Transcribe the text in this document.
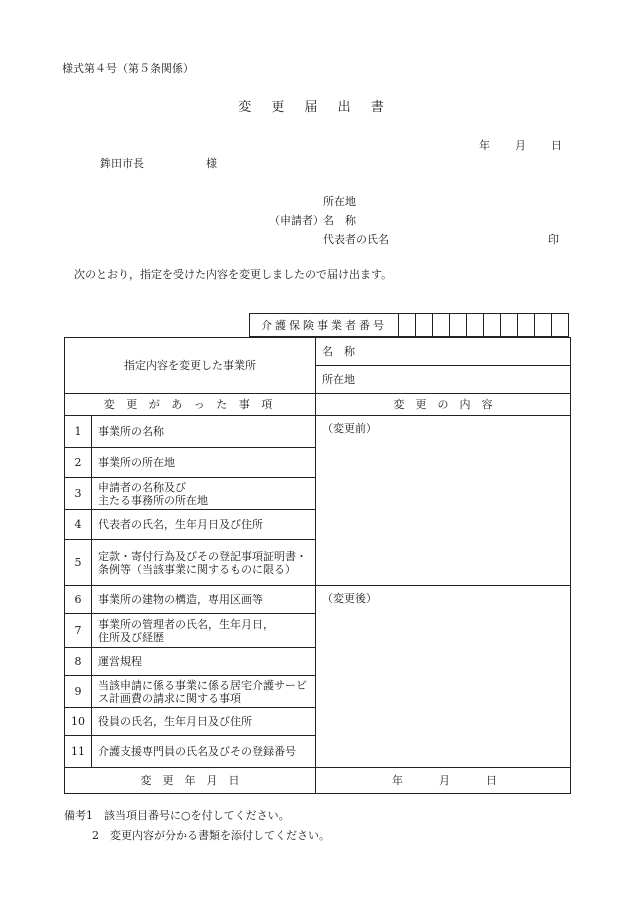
様式第４号（第５条関係）
変 更 届 出 書
年 月 日
鉾田市長	様
所在地
（申請者） 名　称
代表者の氏名	印
次のとおり，指定を受けた内容を変更しましたので届け出ます。
介護保険事業者番号
指定内容を変更した事業所		名　称
		所在地
変 更 が あ っ た 事 項		変　更　の　内　容
1	事業所の名称	（変更前）
2	事業所の所在地	
3	申請者の名称及び
主たる事務所の所在地	
4	代表者の氏名，生年月日及び住所	
5	定款・寄付行為及びその登記事項証明書・条例等（当該事業に関するものに限る）	
6	事業所の建物の構造，専用区画等	（変更後）
7	事業所の管理者の氏名，生年月日，
住所及び経歴	
8	運営規程	
9	当該申請に係る事業に係る居宅介護サービス計画費の請求に関する事項	
10	役員の氏名，生年月日及び住所	
11	介護支援専門員の氏名及びその登録番号	
変　更　年　月　日		年 月 日
備考1　該当項目番号に○を付してください。
2　変更内容が分かる書類を添付してください。
